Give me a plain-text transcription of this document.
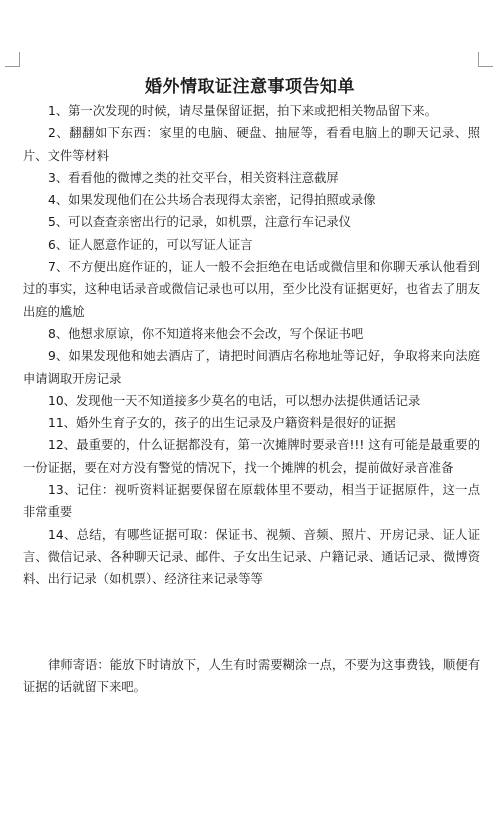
婚外情取证注意事项告知单

1、第一次发现的时候，请尽量保留证据，拍下来或把相关物品留下来。

2、翻翻如下东西：家里的电脑、硬盘、抽屉等，看看电脑上的聊天记录、照片、文件等材料

3、看看他的微博之类的社交平台，相关资料注意截屏

4、如果发现他们在公共场合表现得太亲密，记得拍照或录像

5、可以查查亲密出行的记录，如机票，注意行车记录仪

6、证人愿意作证的，可以写证人证言

7、不方便出庭作证的，证人一般不会拒绝在电话或微信里和你聊天承认他看到过的事实，这种电话录音或微信记录也可以用，至少比没有证据更好，也省去了朋友出庭的尴尬

8、他想求原谅，你不知道将来他会不会改，写个保证书吧

9、如果发现他和她去酒店了，请把时间酒店名称地址等记好，争取将来向法庭申请调取开房记录

10、发现他一天不知道接多少莫名的电话，可以想办法提供通话记录

11、婚外生育子女的，孩子的出生记录及户籍资料是很好的证据

12、最重要的，什么证据都没有，第一次摊牌时要录音!!! 这有可能是最重要的一份证据，要在对方没有警觉的情况下，找一个摊牌的机会，提前做好录音准备

13、记住：视听资料证据要保留在原载体里不要动，相当于证据原件，这一点非常重要

14、总结，有哪些证据可取：保证书、视频、音频、照片、开房记录、证人证言、微信记录、各种聊天记录、邮件、子女出生记录、户籍记录、通话记录、微博资料、出行记录（如机票）、经济往来记录等等

律师寄语：能放下时请放下，人生有时需要糊涂一点，不要为这事费钱，顺便有证据的话就留下来吧。
